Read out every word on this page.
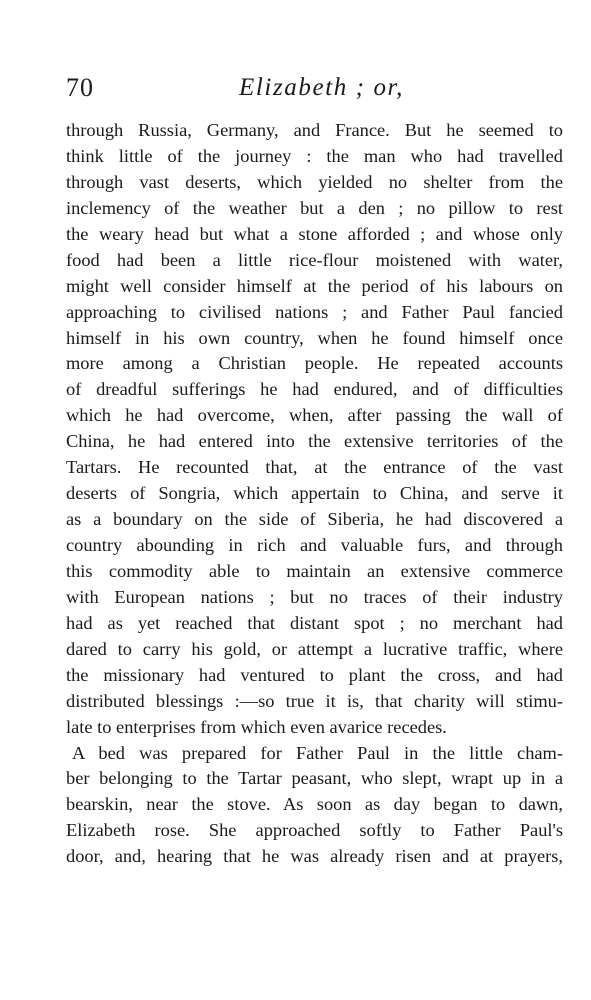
70	Elizabeth ; or,
through Russia, Germany, and France. But he seemed to
think little of the journey : the man who had travelled
through vast deserts, which yielded no shelter from the
inclemency of the weather but a den ; no pillow to rest
the weary head but what a stone afforded ; and whose only
food had been a little rice-flour moistened with water,
might well consider himself at the period of his labours on
approaching to civilised nations ; and Father Paul fancied
himself in his own country, when he found himself once
more among a Christian people. He repeated accounts
of dreadful sufferings he had endured, and of difficulties
which he had overcome, when, after passing the wall of
China, he had entered into the extensive territories of the
Tartars. He recounted that, at the entrance of the vast
deserts of Songria, which appertain to China, and serve it
as a boundary on the side of Siberia, he had discovered a
country abounding in rich and valuable furs, and through
this commodity able to maintain an extensive commerce
with European nations ; but no traces of their industry
had as yet reached that distant spot ; no merchant had
dared to carry his gold, or attempt a lucrative traffic, where
the missionary had ventured to plant the cross, and had
distributed blessings :—so true it is, that charity will stimu-
late to enterprises from which even avarice recedes.
A bed was prepared for Father Paul in the little cham-
ber belonging to the Tartar peasant, who slept, wrapt up in a
bearskin, near the stove. As soon as day began to dawn,
Elizabeth rose. She approached softly to Father Paul's
door, and, hearing that he was already risen and at prayers,
